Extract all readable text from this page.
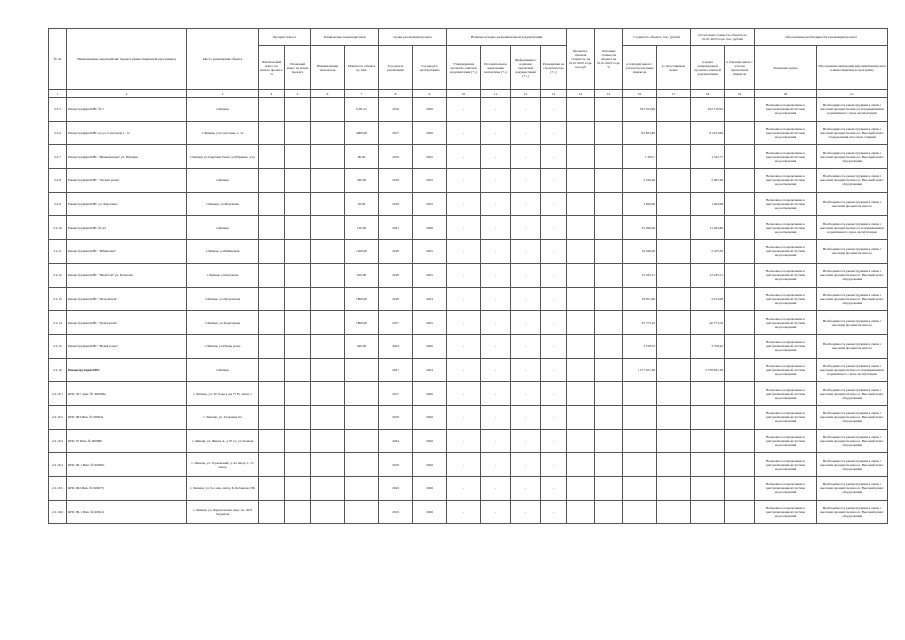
№ пп	Наименование мероприятия/ проекта (инвестиционной программы)	Место размещения объекта	Процент износа		Технические характеристики		Сроки реализации проекта		Наличие исходно-разрешительной документации				Проектно-сметная стоимость на 01.01.2025 года, тыс.руб	Освоение стоимости объекта на 01.01.2025 года, %	Стоимость объекта, тыс. рублей		Остаточная стоимость объекта на 01.01.2025 года, тыс. рублей		Обоснование необходимости реализации проекта	
			Фактический износ на начало проекта, %	Плановый износ на конец проекта	Наименование показателя	Мощность объекта ед. изм.	Год начала реализации	Год ввода в эксплуатацию	Утвержденная проектно-сметная документация (+/-)	Положительное заключение экспертизы (+/-)	Информация о наличии проектной документации (+/-)	Разрешение на строительство (+/-)			в текущих ценах с учетом прогнозных индексов	в сопоставимых ценах	в ценах утвержденной проектно-сметной документации	в текущих ценах с учетом прогнозных индексов	Решаемая задача	Обоснование включения мероприятия/проекта в инвестиционную программу
1	2	3	4	5	6	7	8	9	10	11	12	13	14	15	16	17	18	19	20	21
2.2.5	Реконструкция КНС № 7	г.Липецк				0,38 л/с	2016	2026	-	-	-	-			552 553,96		452 176,94		Возможное подключение к централизованной системе водоотведения	Необходимость реконструкции в связи с высоким процентом износа и превышением нормативного срока эксплуатации
2.2.6	Реконструкция КНС на ул. Советская 1, 1а	г.Липецк, ул.Советская, 1, 1а				4000,00	2017	2026	-	-	-	-			65 823,89		8 161,049		Возможное подключение к централизованной системе водоотведения	Необходимость реконструкции в связи с высоким процентом износа. Высокий износ оборудования насосных станций
2.2.7	Реконструкция КНС "Шокшинская" ул. Юркина	г.Липецк ул.Сырский Тракт, ул.Юркина, д.2а				60,00	2019	2025	-	-	-	-			1 393,7		1 525,77		Возможное подключение к централизованной системе водоотведения	Необходимость реконструкции в связи с высоким процентом износа. Высокий износ оборудования
2.2.8	Реконструкция КНС "Лесная роща"	г.Липецк				180,00	2019	2025	-	-	-	-			3 330,46		2 481,69		Возможное подключение к централизованной системе водоотведения	Необходимость реконструкции в связи с высоким процентом износа. Высокий износ оборудования
2.2.9	Реконструкция КНС ул. Ферсмана	г.Липецк, ул.Ферсмана				92,00	2019	2025	-	-	-	-			1 260,96		1 264,98		Возможное подключение к централизованной системе водоотведения	Необходимость реконструкции в связи с высоким процентом износа
2.2.10	Реконструкция КНС № 44	г.Липецк				150,00	2021	2026	-	-	-	-			35 296,06		31 263,86		Возможное подключение к централизованной системе водоотведения	Необходимость реконструкции в связи с высоким процентом износа и превышением нормативного срока эксплуатации
2.2.11	Реконструкция КНС "Рябиновая"	г.Липецк, ул.Рябиновая				1200,00	2019	2025	-	-	-	-			19 166,26		2 105,36		Возможное подключение к централизованной системе водоотведения	Необходимость реконструкции в связи с высоким процентом износа
2.2.12	Реконструкция КНС "Шой бой" ул. Катукова	г.Липецк, ул.Катукова				250,00	2019	2025	-	-	-	-			15 435,51		12 435,51		Возможное подключение к централизованной системе водоотведения	Необходимость реконструкции в связи с высоким процентом износа. Высокий износ оборудования
2.2.13	Реконструкция КНС "Петровская"	г.Липецк, ул.Петровская				1800,00	2019	2024	-	-	-	-			18 051,96		4 153,98		Возможное подключение к централизованной системе водоотведения	Необходимость реконструкции в связи с высоким процентом износа. Высокий износ оборудования
2.2.14	Реконструкция КНС "Тракторная"	г.Липецк, ул.Тракторная				1800,00	2017	2025	-	-	-	-			35 773,10		40 773,54		Возможное подключение к централизованной системе водоотведения	Необходимость реконструкции в связи с высоким процентом износа
2.2.15	Реконструкция КНС "Новая роща"	г.Липецк, ул.Новая роща				426,00	2024	2026	-	-	-	-			3 728,52		3 758,42		Возможное подключение к централизованной системе водоотведения	Необходимость реконструкции в связи с высоким процентом износа
2.2.16	Реконструкция КНС	г.Липецк					2021	2024	-	-	-	-			1 177 421,36		2 378 821,36		Возможное подключение к централизованной системе водоотведения	Необходимость реконструкции в связи с высоким процентом износа и превышением нормативного срока эксплуатации
2.2.16.1	КНС 50+ ориг. № 300000к	г. Липецк, ул. 40 Годы к дм 77 В, литер 1					2017	2026	-	-	-	-							Возможное подключение к централизованной системе водоотведения	Необходимость реконструкции в связи с высоким процентом износа. Высокий износ оборудования
2.2.16.2	КНС 963 Инв. № 900041	г. Липецк, ул. Тельмана 64					2019	2026	-	-	-	-							Возможное подключение к централизованной системе водоотведения	Необходимость реконструкции в связи с высоким процентом износа. Высокий износ оборудования
2.2.16.3	КНС 97 Инв. № 900986	г. Липецк, ул. Жкова А, д.70 1а, ул.Зеленая					2024	2026	-	-	-	-							Возможное подключение к централизованной системе водоотведения	Необходимость реконструкции в связи с высоким процентом износа. Высокий износ оборудования
2.2.16.4	КНС 96-1 Инв. № 900061	г. Липецк, ул. Тореевский, д. 42 литер 1, 15 литер					2019	2026	-	-	-	-							Возможное подключение к централизованной системе водоотведения	Необходимость реконструкции в связи с высоким процентом износа. Высокий износ оборудования
2.2.16.5	КНС 962 Инв. № 900070	г. Липецк, ул. 9-е мая, литер Б, Кобнюки 15Б					2024	2026	-	-	-	-							Возможное подключение к централизованной системе водоотведения	Необходимость реконструкции в связи с высоким процентом износа. Высокий износ оборудования
2.2.16.6	КНС 99-1 Инв. № 900211	г. Липецк, ул. Фрунзенская, выд. 4а, ЛОЗ Задонная					2019	2026	-	-	-	-							Возможное подключение к централизованной системе водоотведения	Необходимость реконструкции в связи с высоким процентом износа. Высокий износ оборудования
